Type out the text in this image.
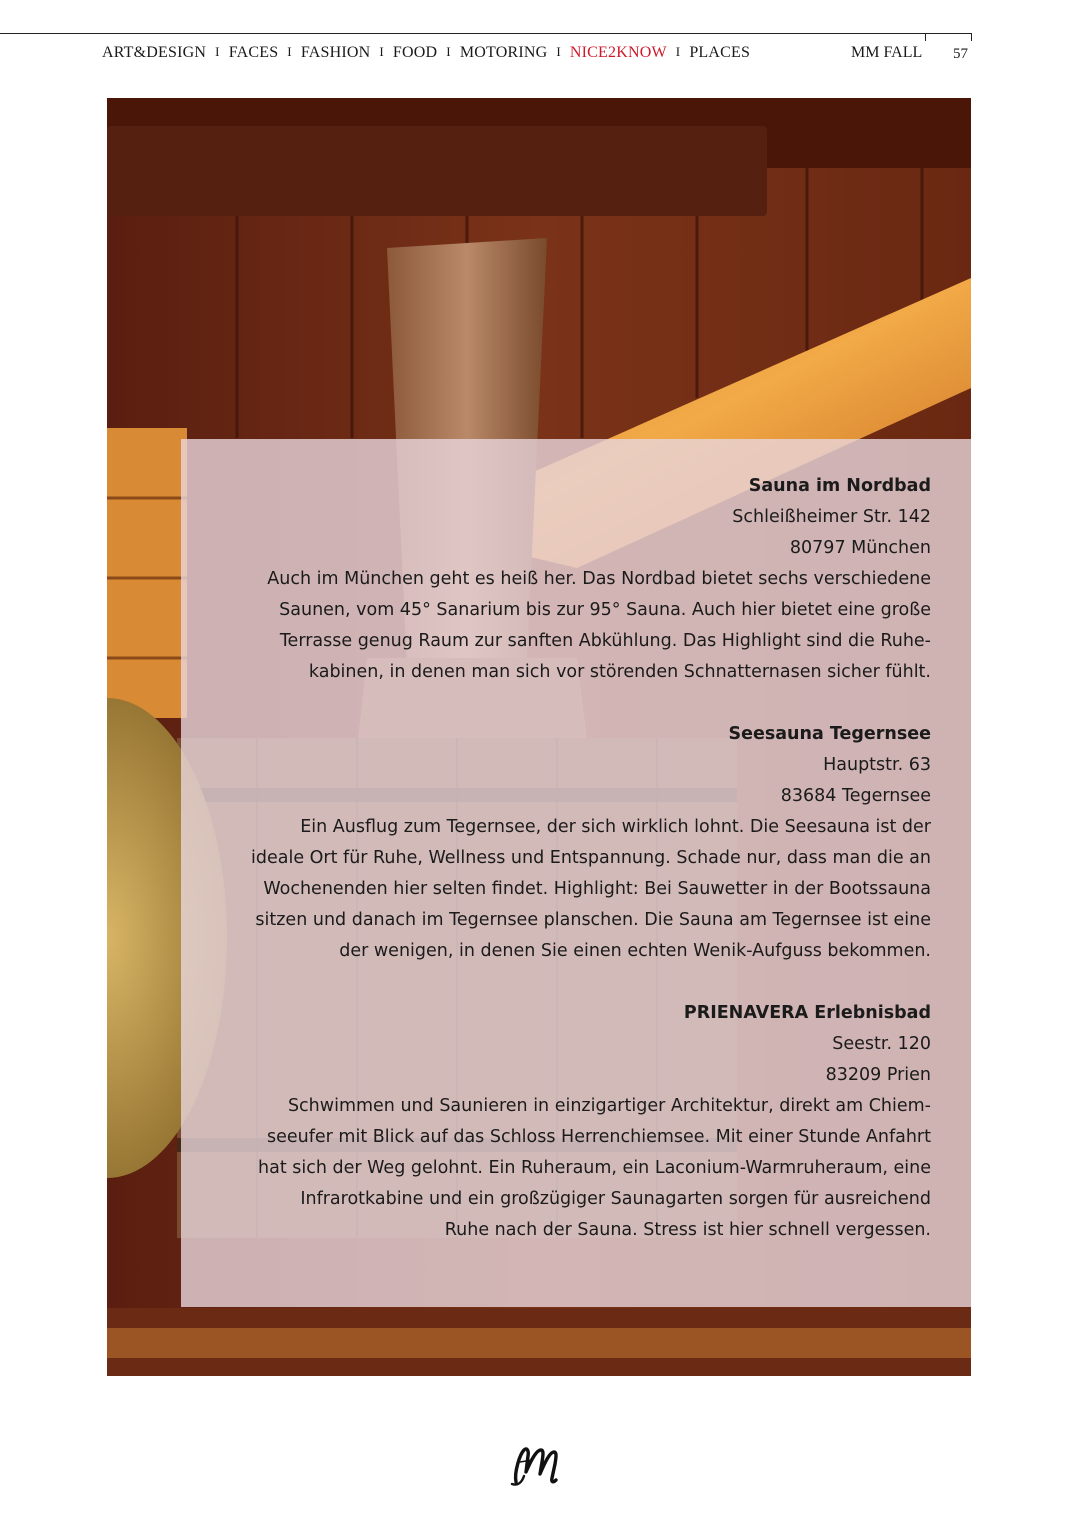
ART&DESIGN I FACES I FASHION I FOOD I MOTORING I NICE2KNOW I PLACES	MM FALL 57
Sauna im Nordbad
Schleißheimer Str. 142
80797 München
Auch im München geht es heiß her. Das Nordbad bietet sechs verschiedene
Saunen, vom 45° Sanarium bis zur 95° Sauna. Auch hier bietet eine große
Terrasse genug Raum zur sanften Abkühlung. Das Highlight sind die Ruhe-
kabinen, in denen man sich vor störenden Schnatternasen sicher fühlt.
Seesauna Tegernsee
Hauptstr. 63
83684 Tegernsee
Ein Ausflug zum Tegernsee, der sich wirklich lohnt. Die Seesauna ist der
ideale Ort für Ruhe, Wellness und Entspannung. Schade nur, dass man die an
Wochenenden hier selten findet. Highlight: Bei Sauwetter in der Bootssauna
sitzen und danach im Tegernsee planschen. Die Sauna am Tegernsee ist eine
der wenigen, in denen Sie einen echten Wenik-Aufguss bekommen.
PRIENAVERA Erlebnisbad
Seestr. 120
83209 Prien
Schwimmen und Saunieren in einzigartiger Architektur, direkt am Chiem-
seeufer mit Blick auf das Schloss Herrenchiemsee. Mit einer Stunde Anfahrt
hat sich der Weg gelohnt. Ein Ruheraum, ein Laconium-Warmruheraum, eine
Infrarotkabine und ein großzügiger Saunagarten sorgen für ausreichend
Ruhe nach der Sauna. Stress ist hier schnell vergessen.
